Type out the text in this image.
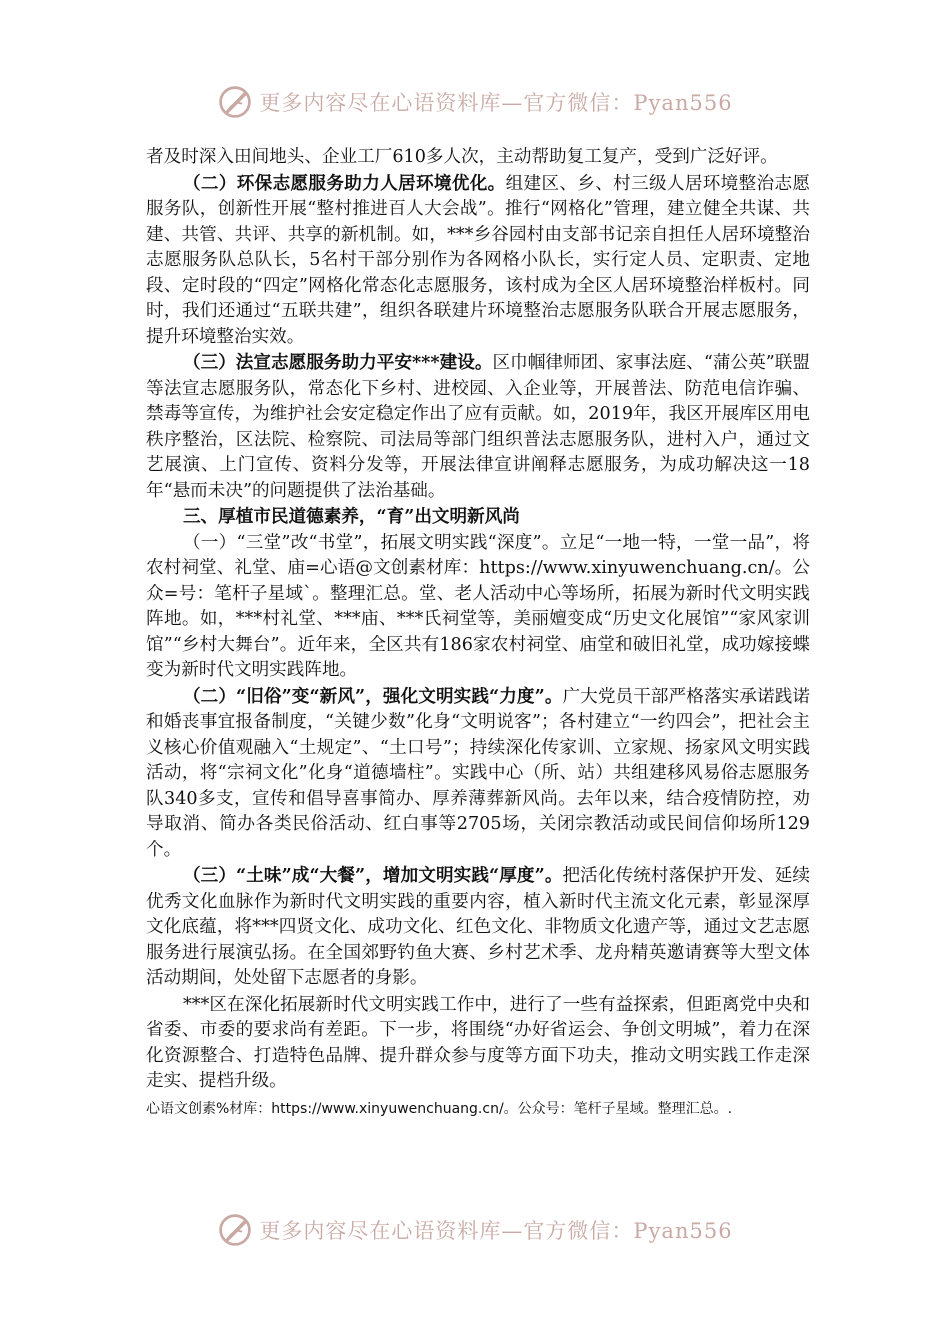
更多内容尽在心语资料库—官方微信：Pyan556

者及时深入田间地头、企业工厂610多人次，主动帮助复工复产，受到广泛好评。

（二）环保志愿服务助力人居环境优化。组建区、乡、村三级人居环境整治志愿服务队，创新性开展“整村推进百人大会战”。推行“网格化”管理，建立健全共谋、共建、共管、共评、共享的新机制。如，***乡谷园村由支部书记亲自担任人居环境整治志愿服务队总队长，5名村干部分别作为各网格小队长，实行定人员、定职责、定地段、定时段的“四定”网格化常态化志愿服务，该村成为全区人居环境整治样板村。同时，我们还通过“五联共建”，组织各联建片环境整治志愿服务队联合开展志愿服务，提升环境整治实效。

（三）法宣志愿服务助力平安***建设。区巾帼律师团、家事法庭、“蒲公英”联盟等法宣志愿服务队，常态化下乡村、进校园、入企业等，开展普法、防范电信诈骗、禁毒等宣传，为维护社会安定稳定作出了应有贡献。如，2019年，我区开展库区用电秩序整治，区法院、检察院、司法局等部门组织普法志愿服务队，进村入户，通过文艺展演、上门宣传、资料分发等，开展法律宣讲阐释志愿服务，为成功解决这一18年“悬而未决”的问题提供了法治基础。

三、厚植市民道德素养，“育”出文明新风尚

（一）“三堂”改“书堂”，拓展文明实践“深度”。立足“一地一特，一堂一品”，将农村祠堂、礼堂、庙=心语@文创素材库：https://www.xinyuwenchuang.cn/。公众=号：笔杆子星域`。整理汇总。堂、老人活动中心等场所，拓展为新时代文明实践阵地。如，***村礼堂、***庙、***氏祠堂等，美丽嬗变成“历史文化展馆”“家风家训馆”“乡村大舞台”。近年来，全区共有186家农村祠堂、庙堂和破旧礼堂，成功嫁接蝶变为新时代文明实践阵地。

（二）“旧俗”变“新风”，强化文明实践“力度”。广大党员干部严格落实承诺践诺和婚丧事宜报备制度，“关键少数”化身“文明说客”；各村建立“一约四会”，把社会主义核心价值观融入“土规定”、“土口号”；持续深化传家训、立家规、扬家风文明实践活动，将“宗祠文化”化身“道德墙柱”。实践中心（所、站）共组建移风易俗志愿服务队340多支，宣传和倡导喜事简办、厚养薄葬新风尚。去年以来，结合疫情防控，劝导取消、简办各类民俗活动、红白事等2705场，关闭宗教活动或民间信仰场所129个。

（三）“土味”成“大餐”，增加文明实践“厚度”。把活化传统村落保护开发、延续优秀文化血脉作为新时代文明实践的重要内容，植入新时代主流文化元素，彰显深厚文化底蕴，将***四贤文化、成功文化、红色文化、非物质文化遗产等，通过文艺志愿服务进行展演弘扬。在全国郊野钓鱼大赛、乡村艺术季、龙舟精英邀请赛等大型文体活动期间，处处留下志愿者的身影。

***区在深化拓展新时代文明实践工作中，进行了一些有益探索，但距离党中央和省委、市委的要求尚有差距。下一步，将围绕“办好省运会、争创文明城”，着力在深化资源整合、打造特色品牌、提升群众参与度等方面下功夫，推动文明实践工作走深走实、提档升级。

心语文创素%材库：https://www.xinyuwenchuang.cn/。公众号：笔杆子星域。整理汇总。.
更多内容尽在心语资料库—官方微信：Pyan556
